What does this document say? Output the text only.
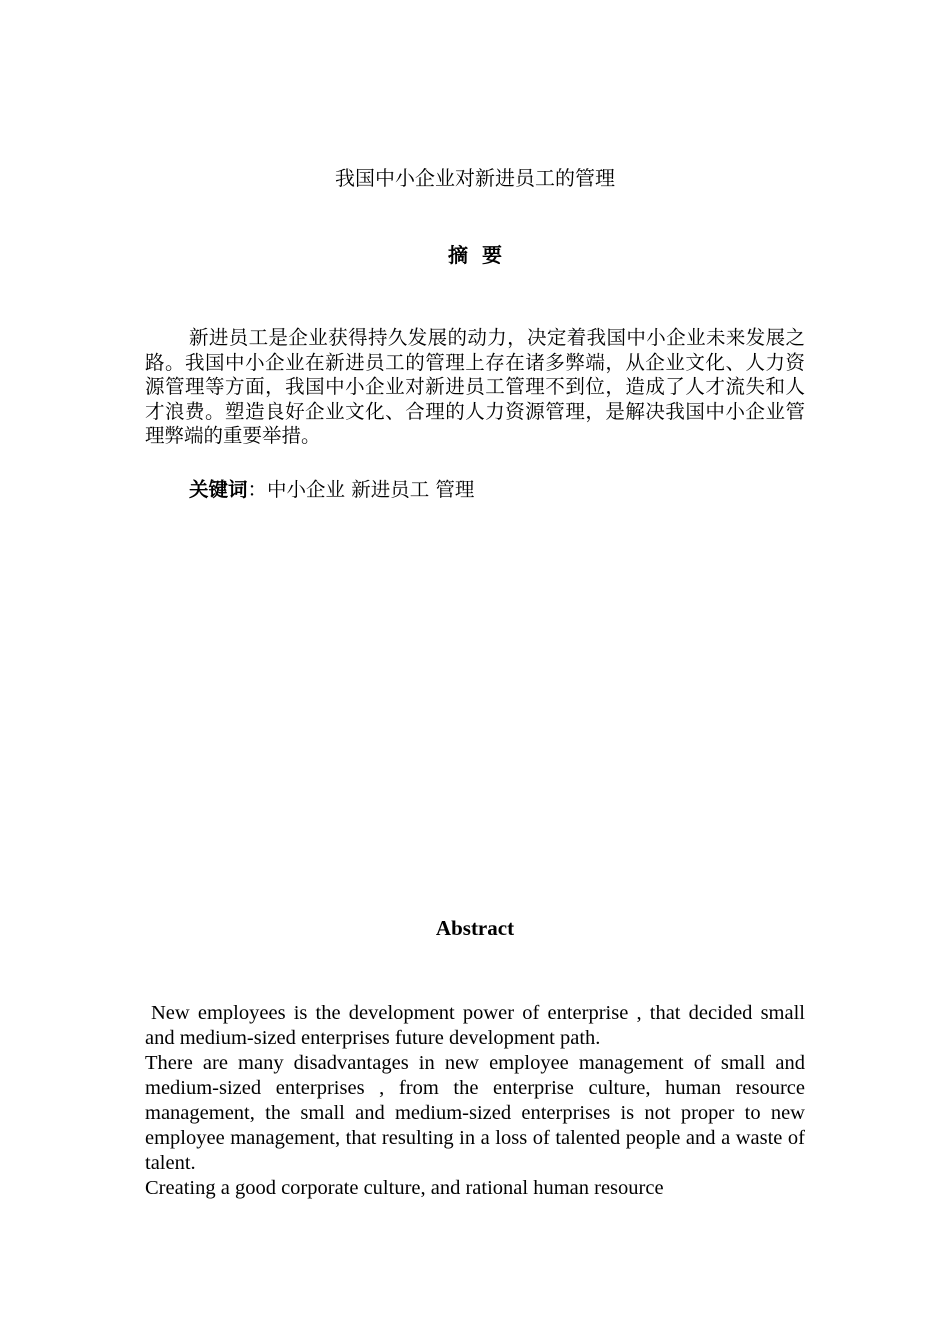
我国中小企业对新进员工的管理
摘要

新进员工是企业获得持久发展的动力，决定着我国中小企业未来发展之路。我国中小企业在新进员工的管理上存在诸多弊端，从企业文化、人力资源管理等方面，我国中小企业对新进员工管理不到位，造成了人才流失和人才浪费。塑造良好企业文化、合理的人力资源管理，是解决我国中小企业管理弊端的重要举措。

关键词：中小企业 新进员工 管理

Abstract

New employees is the development power of enterprise , that decided small and medium-sized enterprises future development path.

There are many disadvantages in new employee management of small and medium-sized enterprises , from the enterprise culture, human resource management, the small and medium-sized enterprises is not proper to new employee management, that resulting in a loss of talented people and a waste of talent.

Creating a good corporate culture, and rational human resource
